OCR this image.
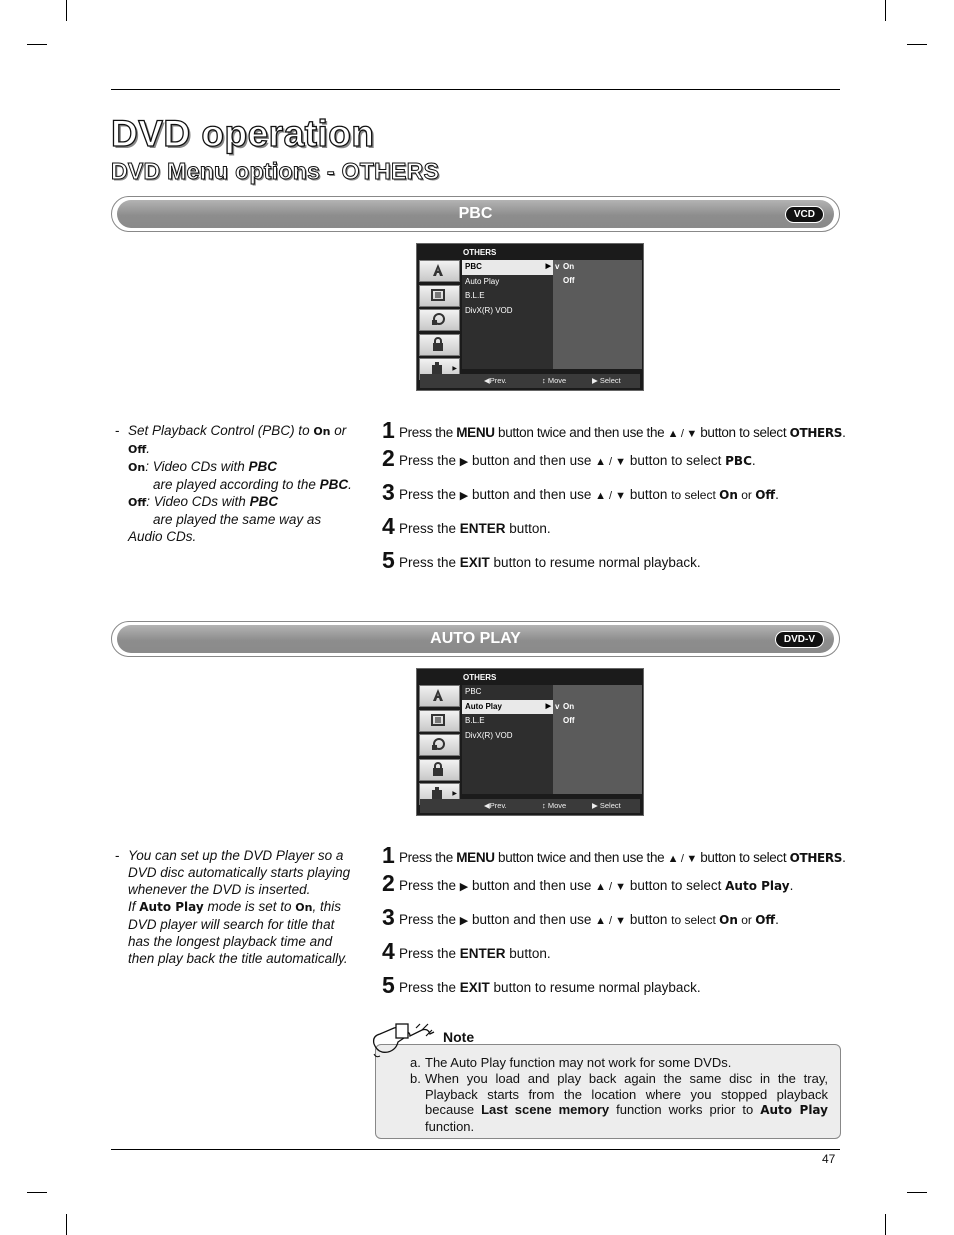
DVD operation
DVD Menu options - OTHERS
PBC	VCD
OTHERS
▶
PBC ▶
Auto Play
B.L.E
DivX(R) VOD
v On
Off
◀Prev.	↕ Move	▶ Select
- Set Playback Control (PBC) to On or
Off.
On: Video CDs with PBC
are played according to the PBC.
Off: Video CDs with PBC
are played the same way as Audio CDs.
1 Press the MENU button twice and then use the ▲ / ▼ button to select OTHERS.
2 Press the ▶ button and then use ▲ / ▼ button to select PBC.
3 Press the ▶ button and then use ▲ / ▼ button to select On or Off.
4 Press the ENTER button.
5 Press the EXIT button to resume normal playback.
AUTO PLAY	DVD-V
OTHERS
▶
PBC
Auto Play ▶
B.L.E
DivX(R) VOD
v On
Off
◀Prev.	↕ Move	▶ Select
- You can set up the DVD Player so a DVD disc automatically starts playing whenever the DVD is inserted.
If Auto Play mode is set to On, this DVD player will search for title that has the longest playback time and then play back the title automatically.
1 Press the MENU button twice and then use the ▲ / ▼ button to select OTHERS.
2 Press the ▶ button and then use ▲ / ▼ button to select Auto Play.
3 Press the ▶ button and then use ▲ / ▼ button to select On or Off.
4 Press the ENTER button.
5 Press the EXIT button to resume normal playback.
Note
a. The Auto Play function may not work for some DVDs.
b. When you load and play back again the same disc in the tray, Playback starts from the location where you stopped playback because Last scene memory function works prior to Auto Play function.
47
